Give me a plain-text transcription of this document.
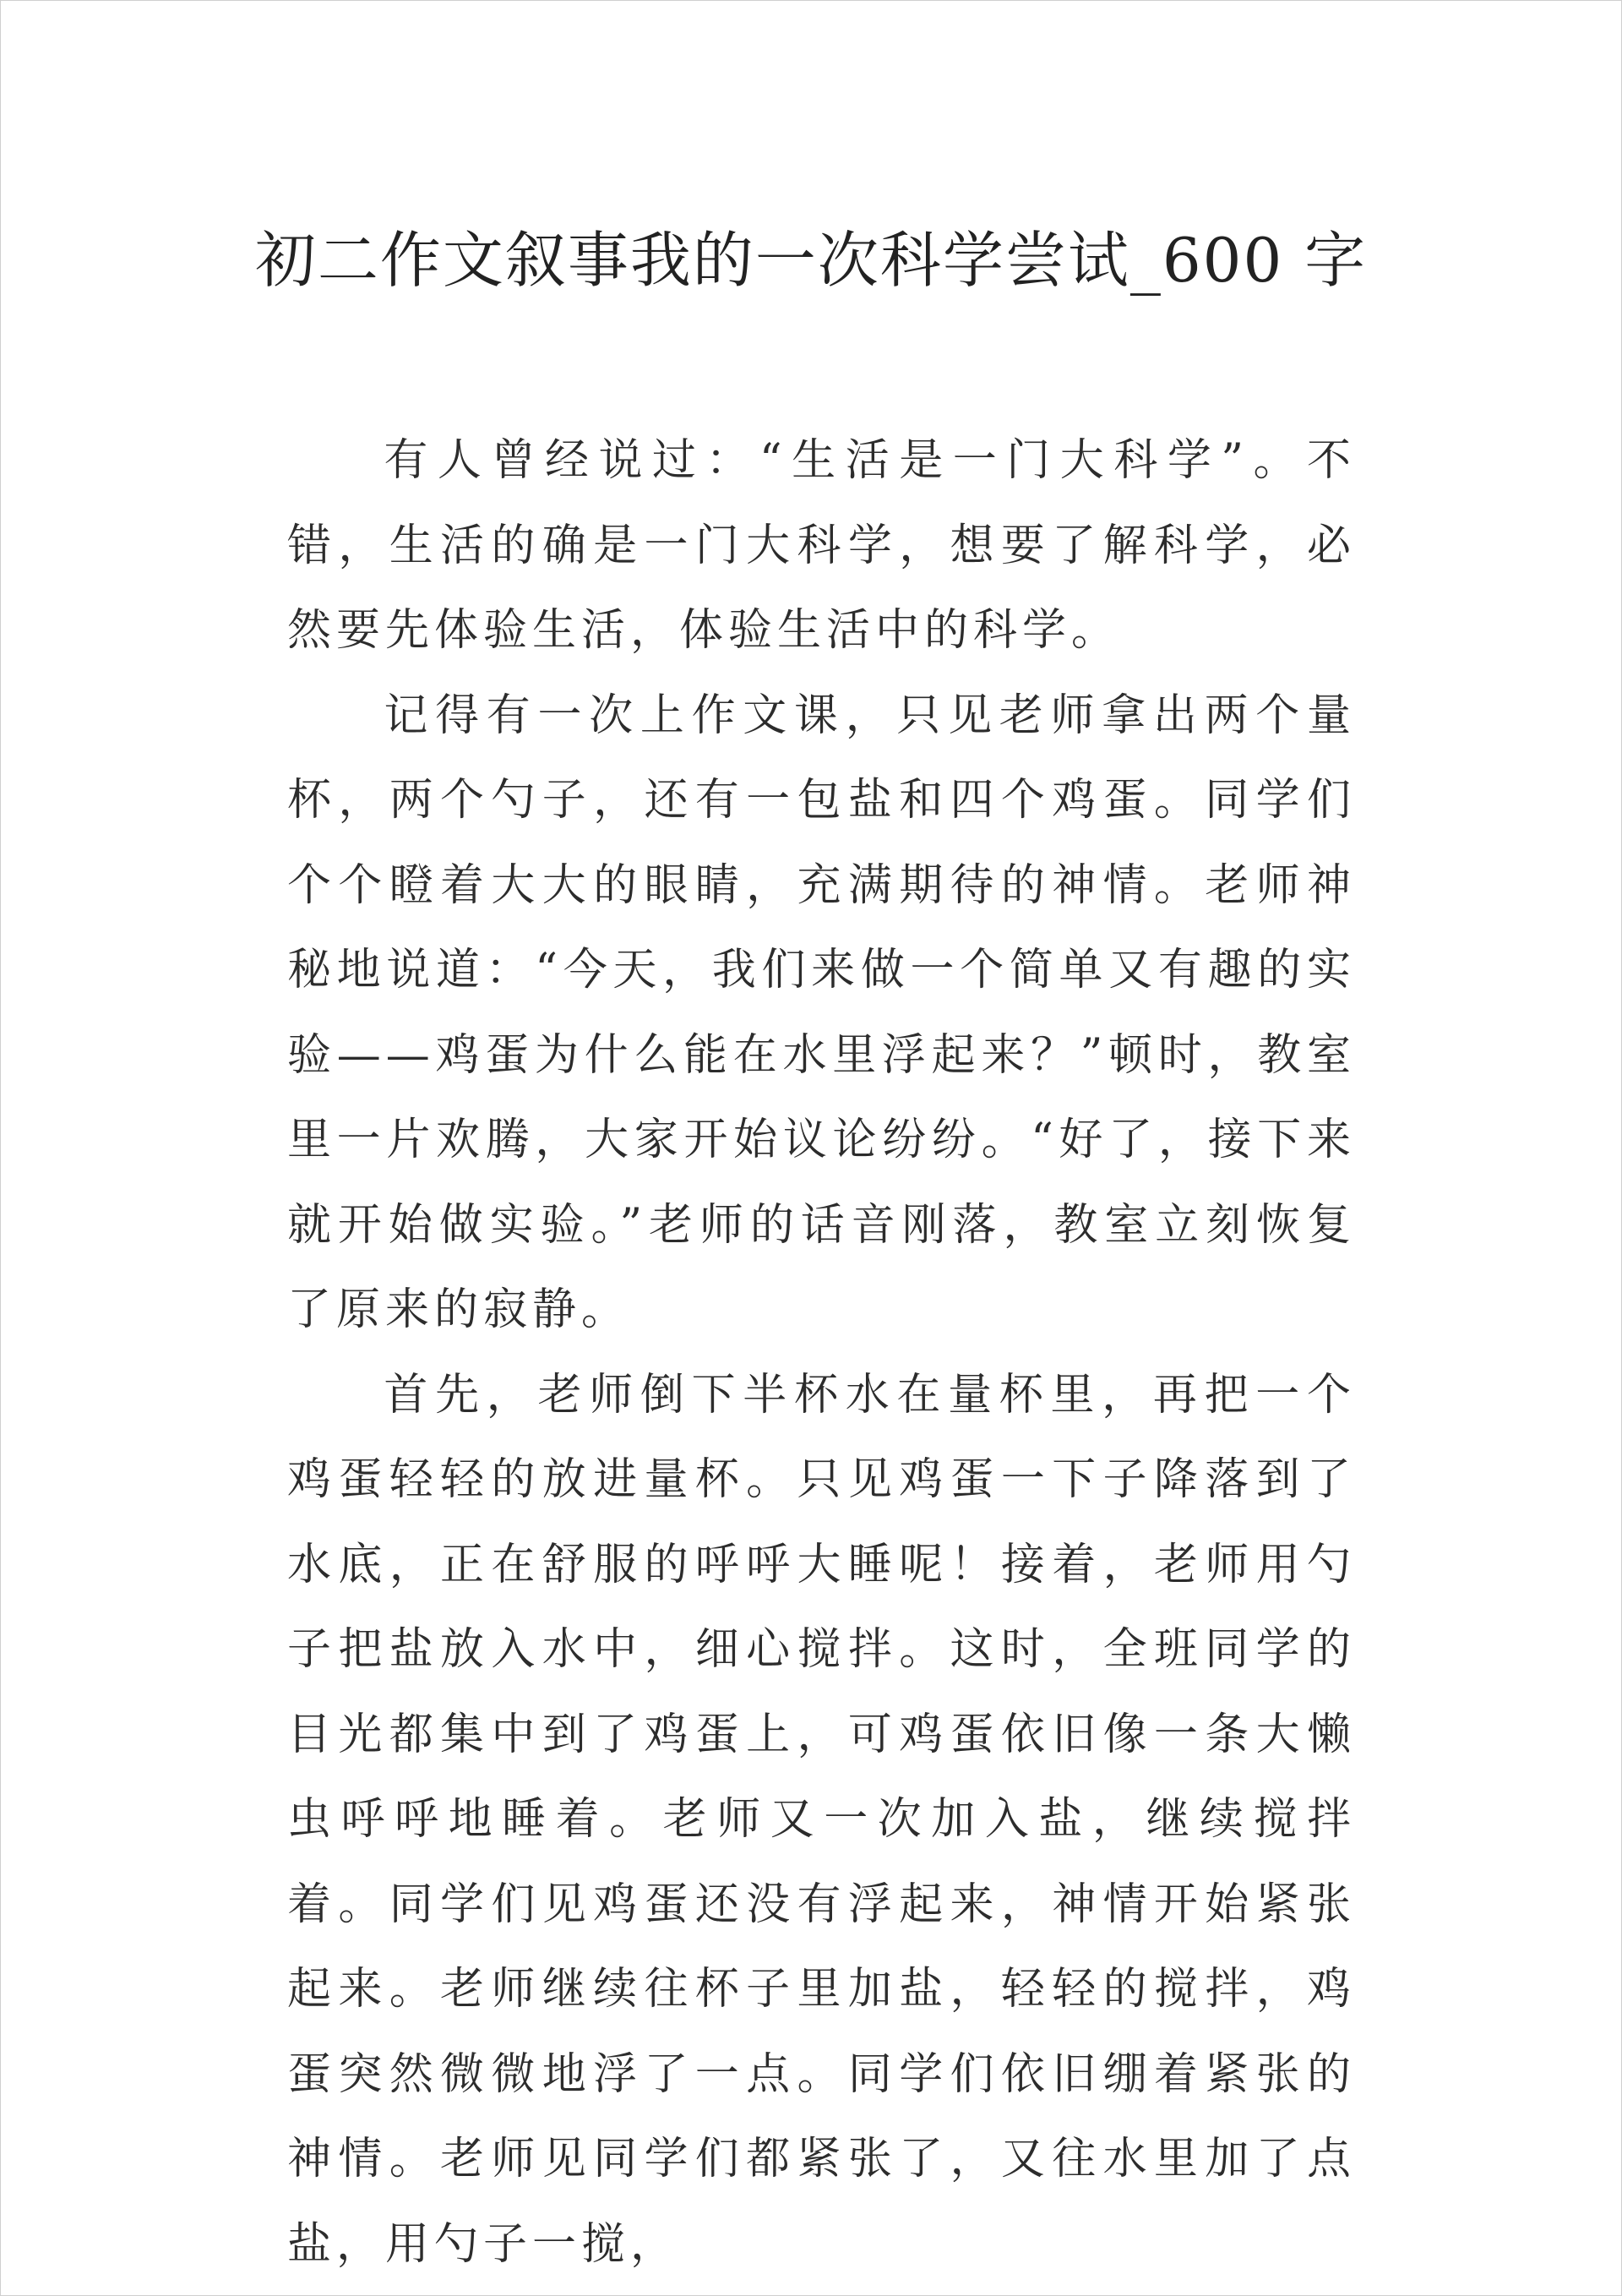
初二作文叙事我的一次科学尝试_600 字

有人曾经说过：“生活是一门大科学”。不错，生活的确是一门大科学，想要了解科学，必然要先体验生活，体验生活中的科学。

记得有一次上作文课，只见老师拿出两个量杯，两个勺子，还有一包盐和四个鸡蛋。同学们个个瞪着大大的眼睛，充满期待的神情。老师神秘地说道：“今天，我们来做一个简单又有趣的实验——鸡蛋为什么能在水里浮起来？”顿时，教室里一片欢腾，大家开始议论纷纷。“好了，接下来就开始做实验。”老师的话音刚落，教室立刻恢复了原来的寂静。

首先，老师倒下半杯水在量杯里，再把一个鸡蛋轻轻的放进量杯。只见鸡蛋一下子降落到了水底，正在舒服的呼呼大睡呢！接着，老师用勺子把盐放入水中，细心搅拌。这时，全班同学的目光都集中到了鸡蛋上，可鸡蛋依旧像一条大懒虫呼呼地睡着。老师又一次加入盐，继续搅拌着。同学们见鸡蛋还没有浮起来，神情开始紧张起来。老师继续往杯子里加盐，轻轻的搅拌，鸡蛋突然微微地浮了一点。同学们依旧绷着紧张的神情。老师见同学们都紧张了，又往水里加了点盐，用勺子一搅，
